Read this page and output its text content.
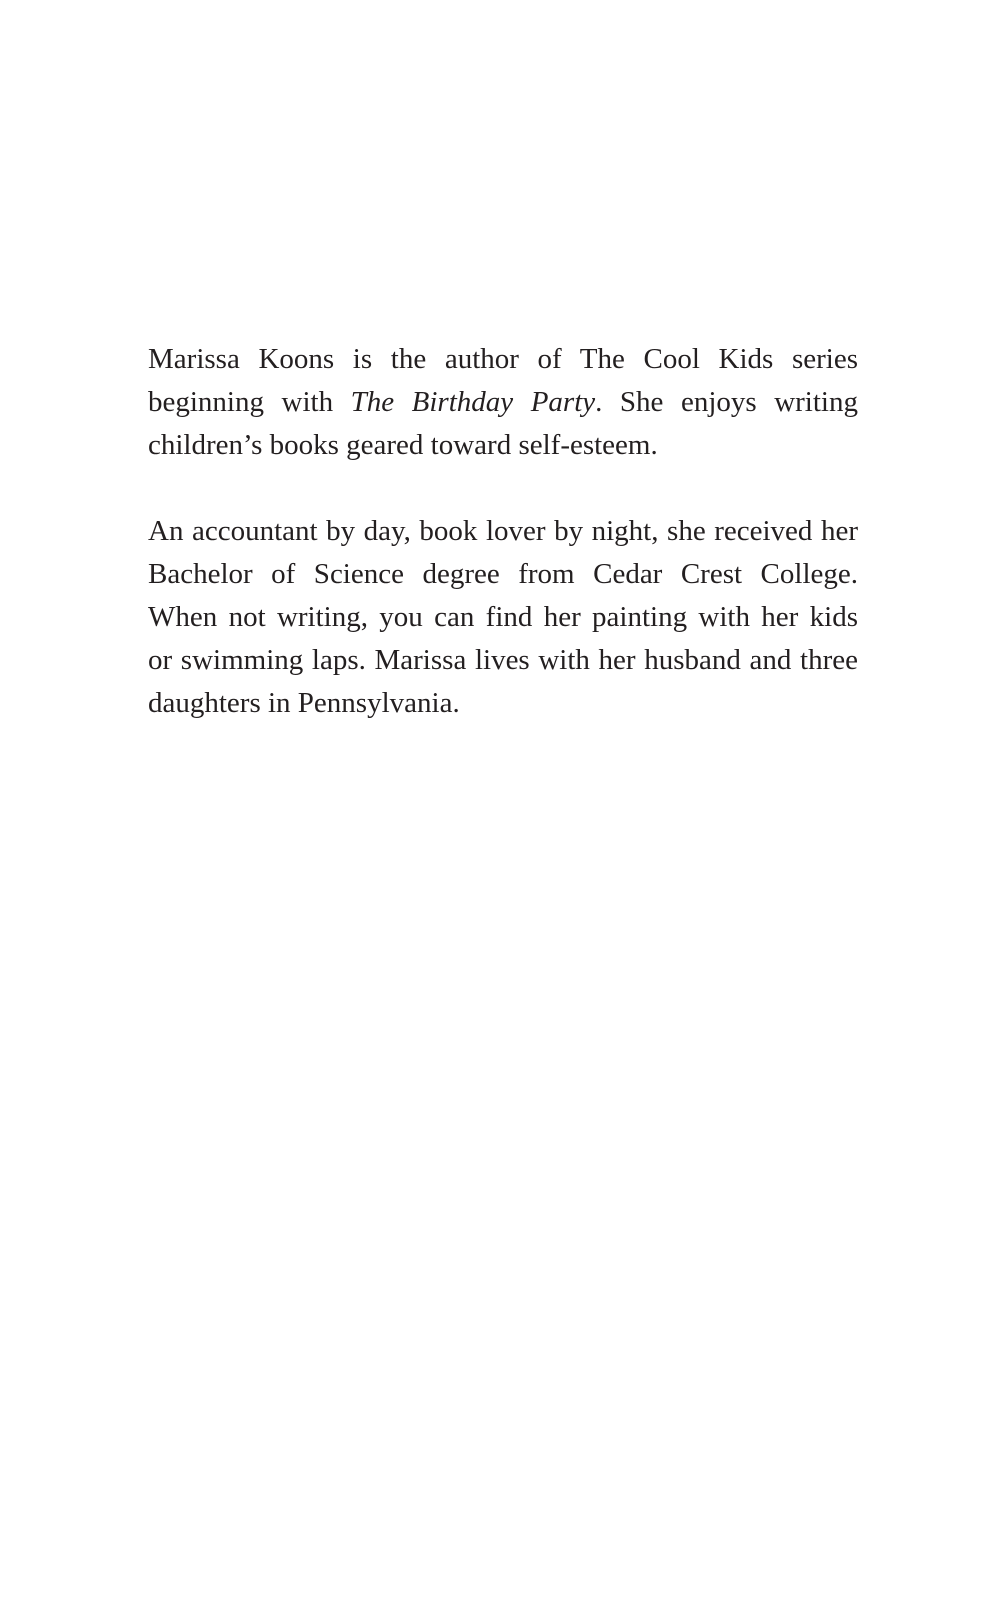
Marissa Koons is the author of The Cool Kids series
beginning with The Birthday Party. She enjoys writing
children’s books geared toward self-esteem.

An accountant by day, book lover by night, she received her
Bachelor of Science degree from Cedar Crest College.
When not writing, you can find her painting with her kids
or swimming laps. Marissa lives with her husband and three
daughters in Pennsylvania.
